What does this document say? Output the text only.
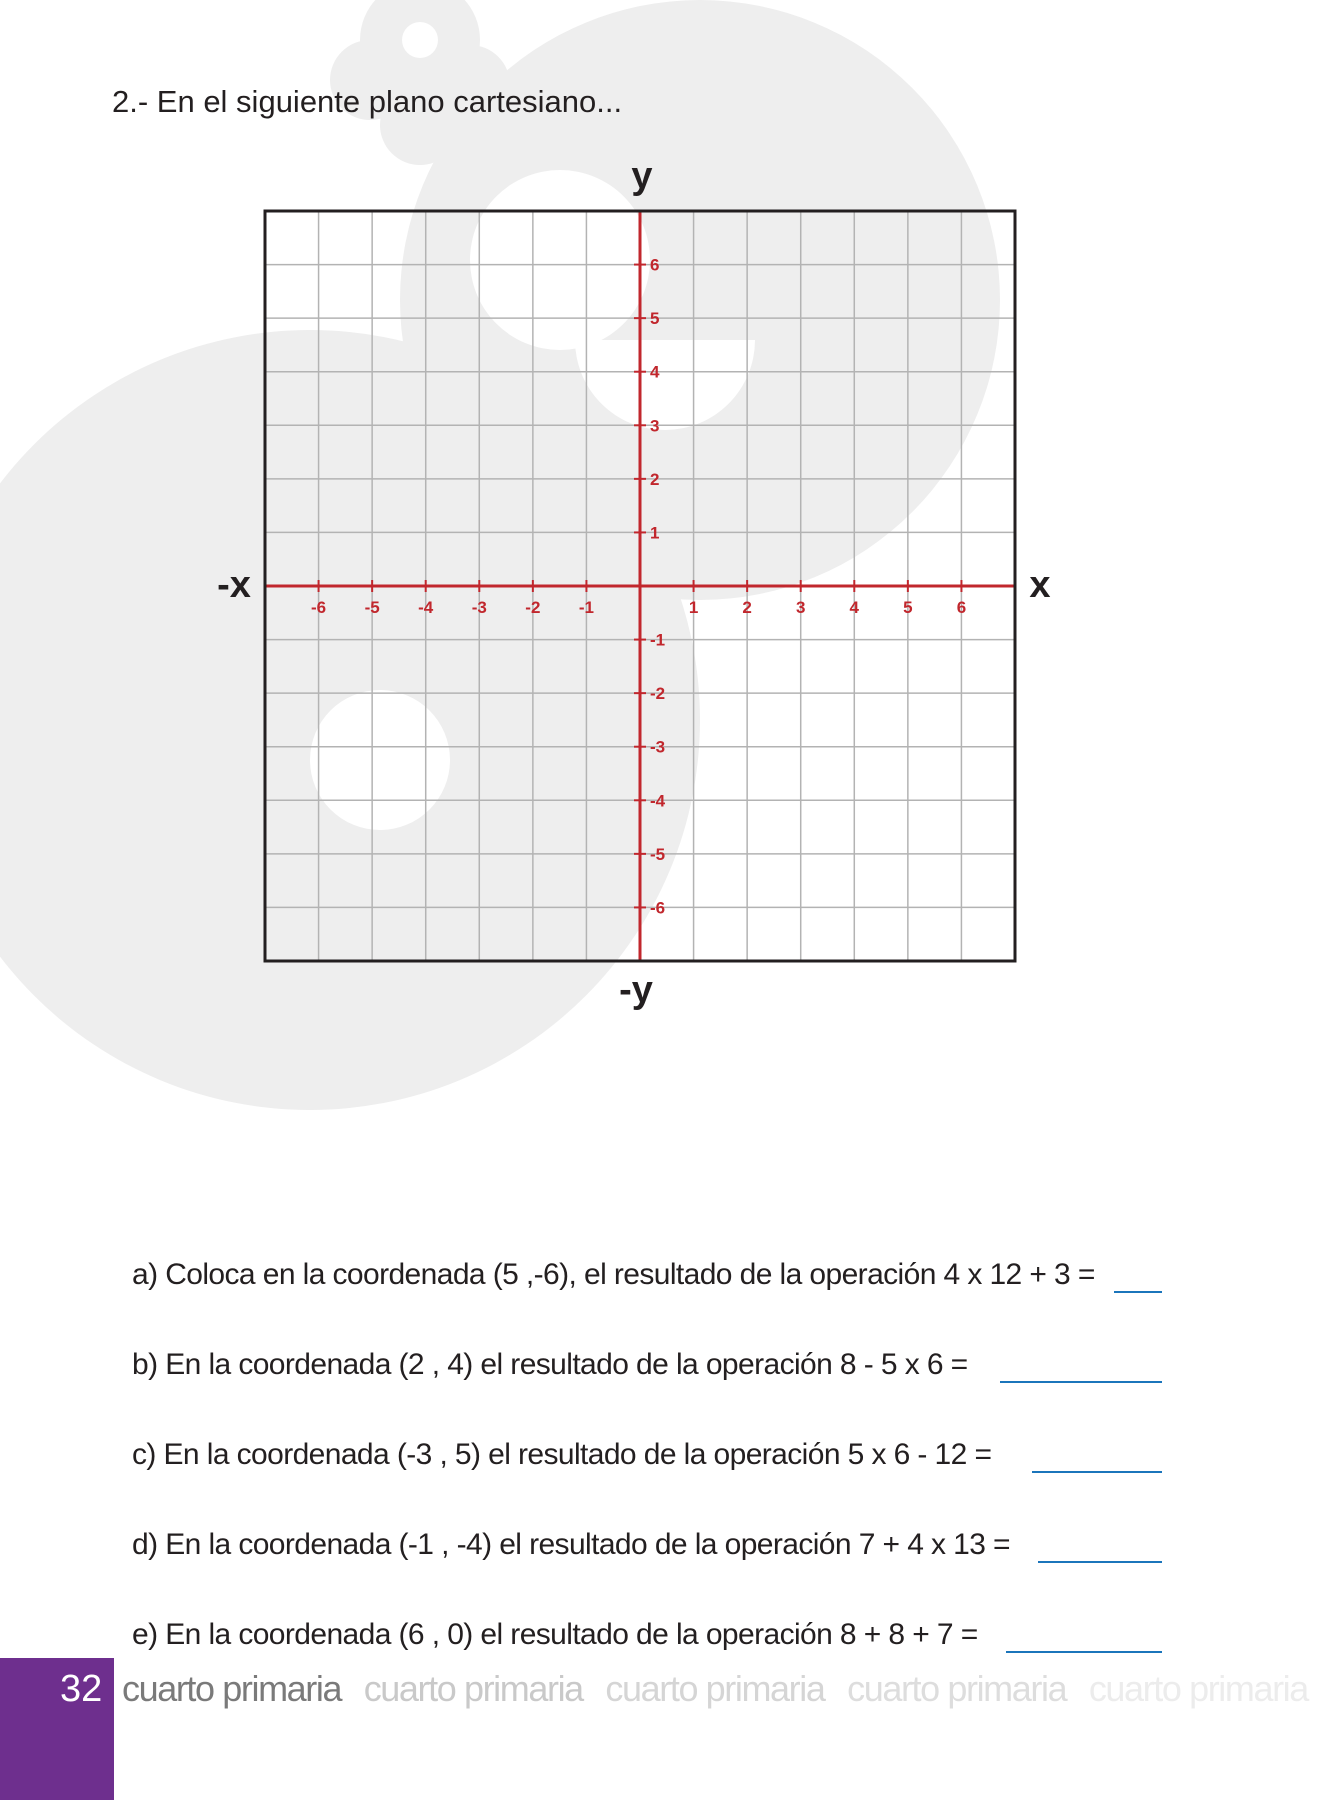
2.- En el siguiente plano cartesiano...
-6 -5 -4 -3 -2 -1	1	2	3	4	5	6
6
5
4
3
2
1
-1
-2
-3
-4
-5
-6
y
-y
-x	x
a) Coloca en la coordenada (5 ,-6), el resultado de la operación 4 x 12 + 3 =
b) En la coordenada (2 , 4) el resultado de la operación 8 - 5 x 6 =
c) En la coordenada (-3 , 5) el resultado de la operación 5 x 6 - 12 =
d) En la coordenada (-1 , -4) el resultado de la operación 7 + 4 x 13 =
e) En la coordenada (6 , 0) el resultado de la operación 8 + 8 + 7 =
32 cuarto primaria cuarto primaria cuarto primaria cuarto primaria cuarto primaria
